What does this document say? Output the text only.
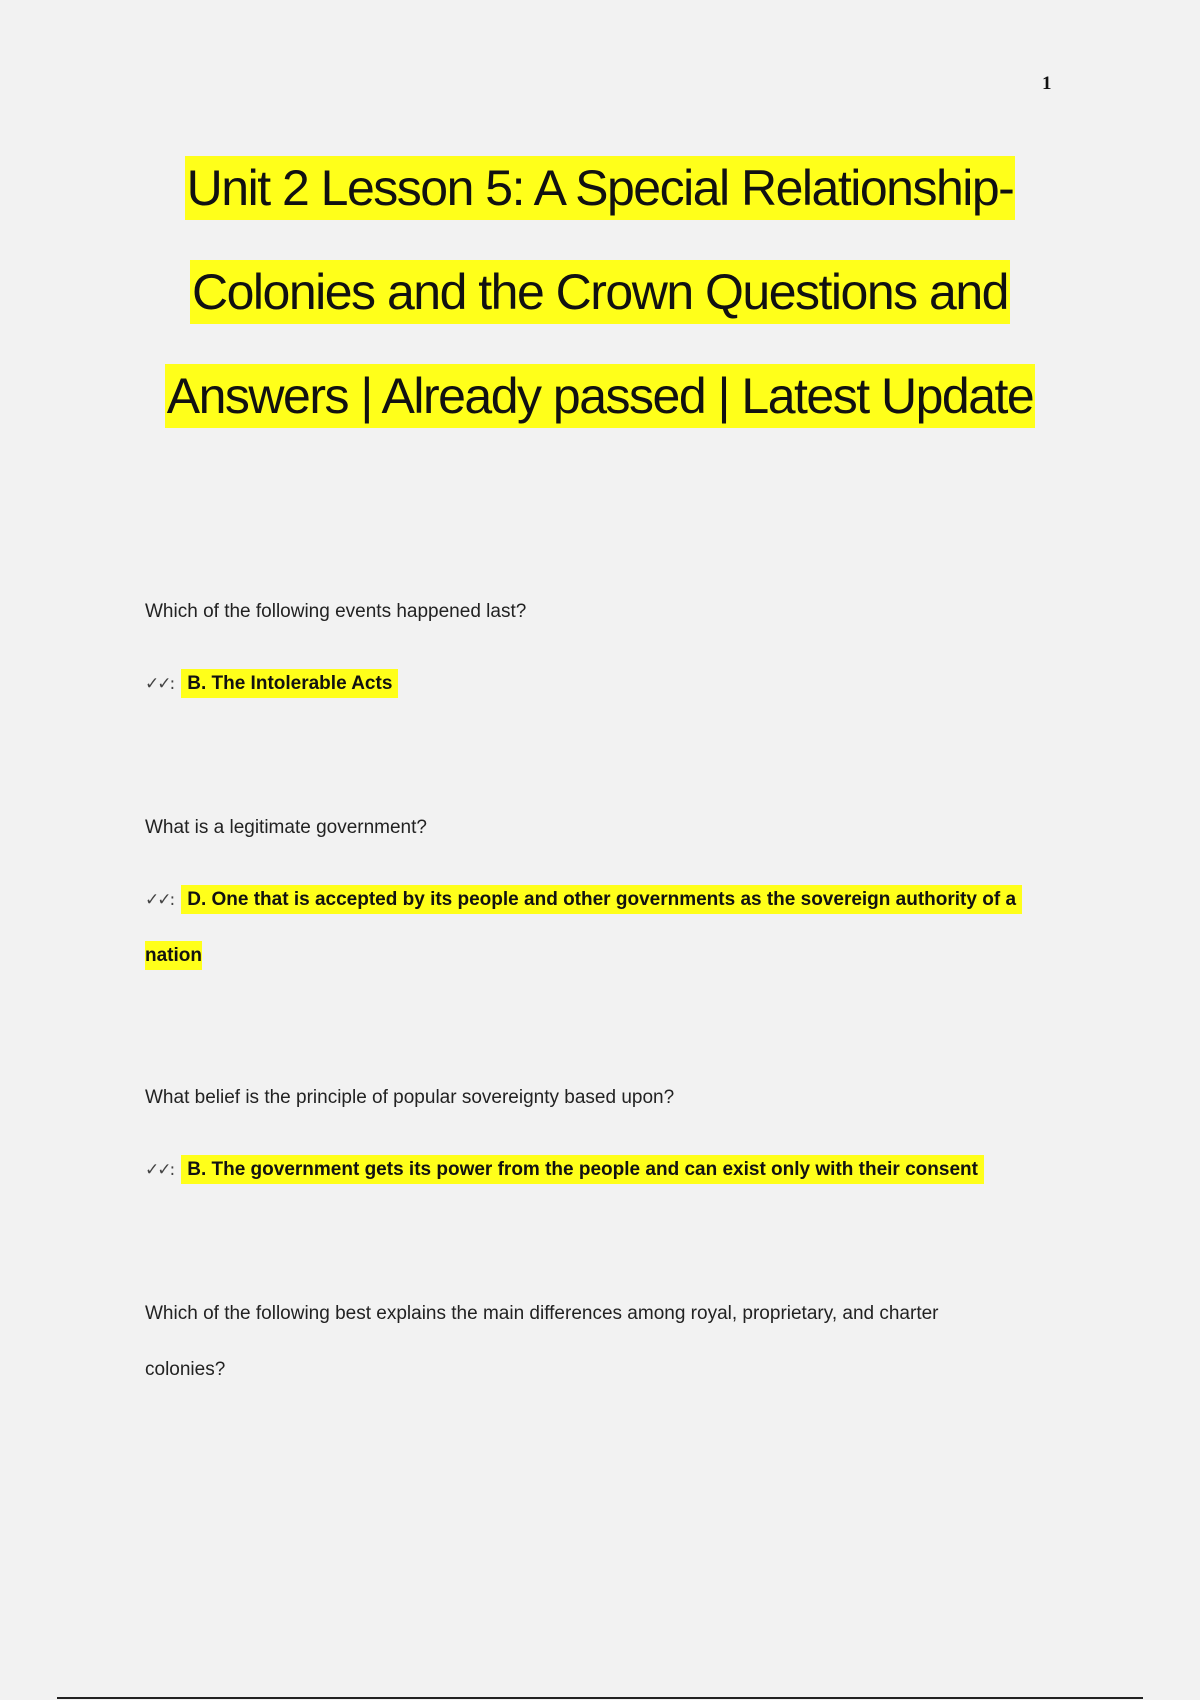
1
Unit 2 Lesson 5: A Special Relationship-
Colonies and the Crown Questions and
Answers | Already passed | Latest Update

Which of the following events happened last?

✓✓: B. The Intolerable Acts

What is a legitimate government?

✓✓: D. One that is accepted by its people and other governments as the sovereign authority of a

nation

What belief is the principle of popular sovereignty based upon?

✓✓: B. The government gets its power from the people and can exist only with their consent

Which of the following best explains the main differences among royal, proprietary, and charter

colonies?
